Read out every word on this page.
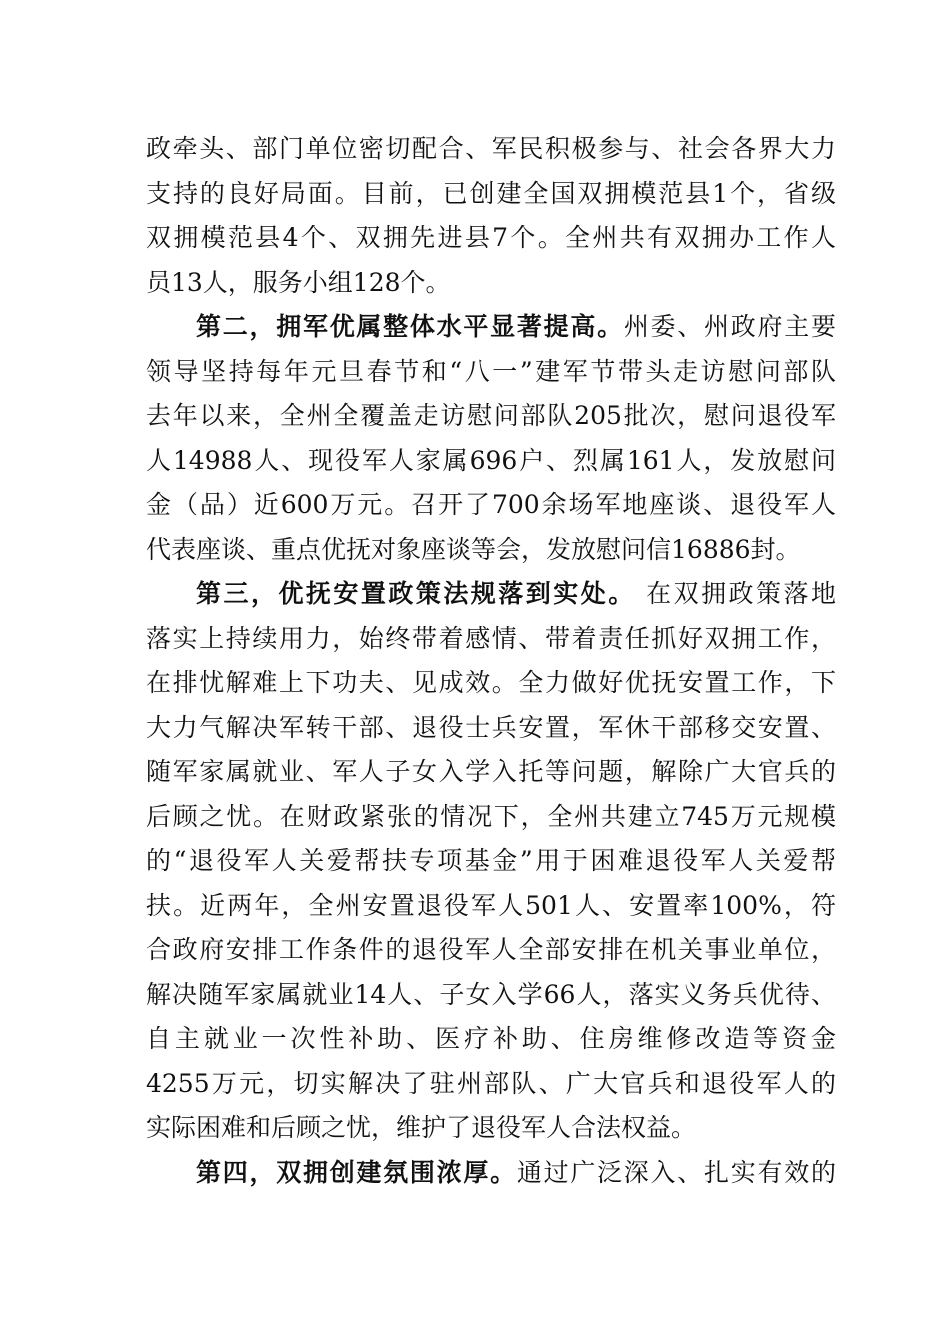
政牵头、部门单位密切配合、军民积极参与、社会各界大力
支持的良好局面。目前，已创建全国双拥模范县1个，省级
双拥模范县4个、双拥先进县7个。全州共有双拥办工作人
员13人，服务小组128个。

第二，拥军优属整体水平显著提高。州委、州政府主要
领导坚持每年元旦春节和“八一”建军节带头走访慰问部队
去年以来，全州全覆盖走访慰问部队205批次，慰问退役军
人14988人、现役军人家属696户、烈属161人，发放慰问
金（品）近600万元。召开了700余场军地座谈、退役军人
代表座谈、重点优抚对象座谈等会，发放慰问信16886封。

第三，优抚安置政策法规落到实处。 在双拥政策落地
落实上持续用力，始终带着感情、带着责任抓好双拥工作，
在排忧解难上下功夫、见成效。全力做好优抚安置工作，下
大力气解决军转干部、退役士兵安置，军休干部移交安置、
随军家属就业、军人子女入学入托等问题，解除广大官兵的
后顾之忧。在财政紧张的情况下，全州共建立745万元规模
的“退役军人关爱帮扶专项基金”用于困难退役军人关爱帮
扶。近两年，全州安置退役军人501人、安置率100%，符
合政府安排工作条件的退役军人全部安排在机关事业单位，
解决随军家属就业14人、子女入学66人，落实义务兵优待、
自主就业一次性补助、医疗补助、住房维修改造等资金
4255万元，切实解决了驻州部队、广大官兵和退役军人的
实际困难和后顾之忧，维护了退役军人合法权益。

第四，双拥创建氛围浓厚。通过广泛深入、扎实有效的
